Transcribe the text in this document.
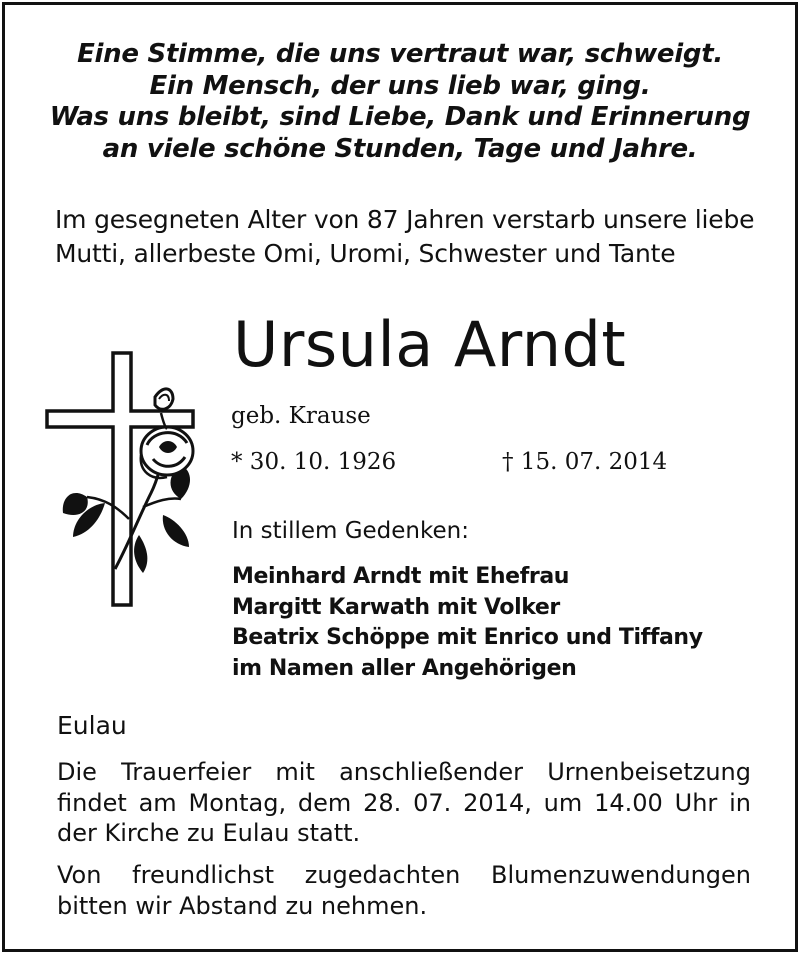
Eine Stimme, die uns vertraut war, schweigt.
Ein Mensch, der uns lieb war, ging.
Was uns bleibt, sind Liebe, Dank und Erinnerung
an viele schöne Stunden, Tage und Jahre.
Im gesegneten Alter von 87 Jahren verstarb unsere liebe
Mutti, allerbeste Omi, Uromi, Schwester und Tante
Ursula Arndt
geb. Krause
* 30. 10. 1926	† 15. 07. 2014
In stillem Gedenken:
Meinhard Arndt mit Ehefrau
Margitt Karwath mit Volker
Beatrix Schöppe mit Enrico und Tiffany
im Namen aller Angehörigen
Eulau
Die Trauerfeier mit anschließender Urnenbeisetzung findet am Montag, dem 28. 07. 2014, um 14.00 Uhr in der Kirche zu Eulau statt.
Von freundlichst zugedachten Blumenzuwendungen bitten wir Abstand zu nehmen.
